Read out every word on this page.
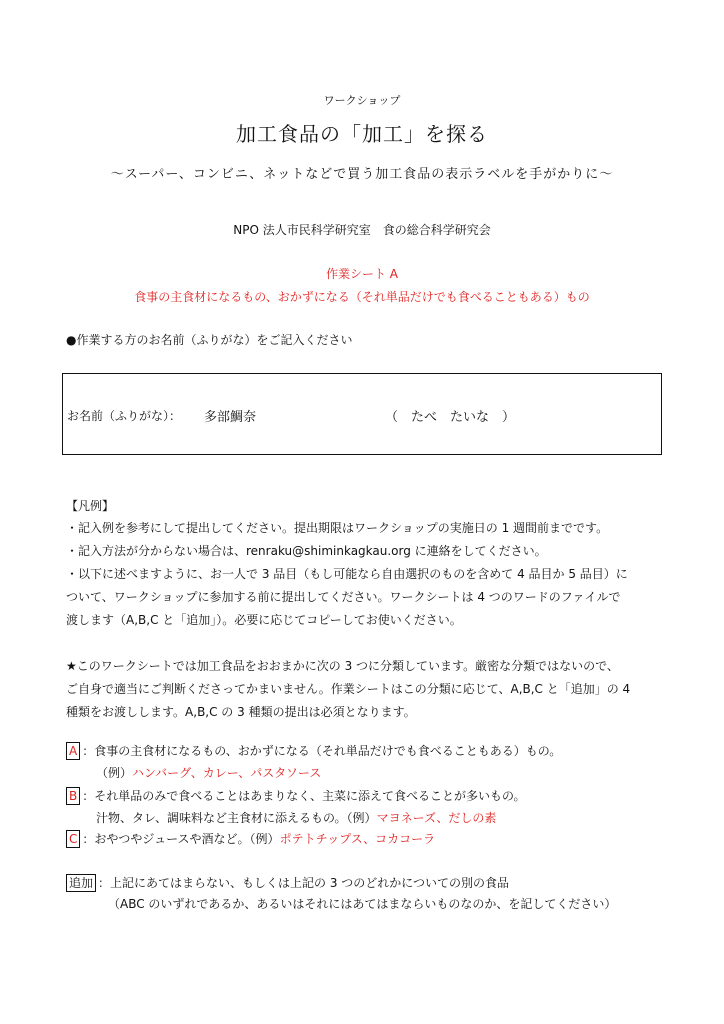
ワークショップ
加工食品の「加工」を探る
～スーパー、コンビニ、ネットなどで買う加工食品の表示ラベルを手がかりに～
NPO 法人市民科学研究室　食の総合科学研究会
作業シート A
食事の主食材になるもの、おかずになる（それ単品だけでも食べることもある）もの
●作業する方のお名前（ふりがな）をご記入ください
お名前（ふりがな）： 多部鯛奈	（　たべ　たいな　）
【凡例】
・記入例を参考にして提出してください。提出期限はワークショップの実施日の 1 週間前までです。
・記入方法が分からない場合は、renraku@shiminkagkau.org に連絡をしてください。
・以下に述べますように、お一人で 3 品目（もし可能なら自由選択のものを含めて 4 品目か 5 品目）に
ついて、ワークショップに参加する前に提出してください。ワークシートは 4 つのワードのファイルで
渡します（A,B,C と「追加」）。必要に応じてコピーしてお使いください。
★このワークシートでは加工食品をおおまかに次の 3 つに分類しています。厳密な分類ではないので、
ご自身で適当にご判断くださってかまいません。作業シートはこの分類に応じて、A,B,C と「追加」の 4
種類をお渡しします。A,B,C の 3 種類の提出は必須となります。
A ：食事の主食材になるもの、おかずになる（それ単品だけでも食べることもある）もの。
（例）ハンバーグ、カレー、パスタソース
B ：それ単品のみで食べることはあまりなく、主菜に添えて食べることが多いもの。
汁物、タレ、調味料など主食材に添えるもの。（例）マヨネーズ、だしの素
C ：おやつやジュースや酒など。（例）ポテトチップス、コカコーラ
追加 ：上記にあてはまらない、もしくは上記の 3 つのどれかについての別の食品
（ABC のいずれであるか、あるいはそれにはあてはまならいものなのか、を記してください）
